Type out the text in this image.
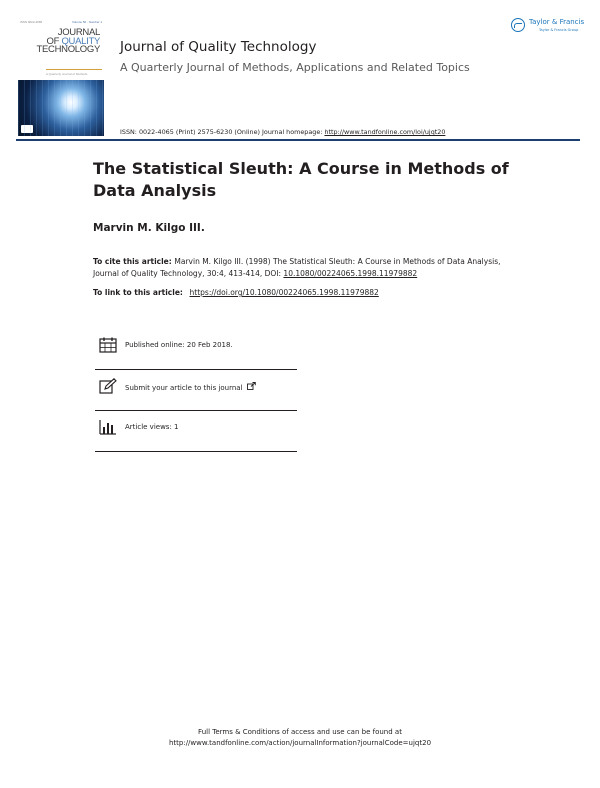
ISSN 0022-4065	Volume 50 · Number 1
JOURNAL
OF QUALITY
TECHNOLOGY
A Quarterly Journal of Methods
Journal of Quality Technology
A Quarterly Journal of Methods, Applications and Related Topics
ISSN: 0022-4065 (Print) 2575-6230 (Online) Journal homepage: http://www.tandfonline.com/loi/ujqt20
Taylor & Francis
Taylor & Francis Group
The Statistical Sleuth: A Course in Methods of Data Analysis
Marvin M. Kilgo III.
To cite this article: Marvin M. Kilgo III. (1998) The Statistical Sleuth: A Course in Methods of Data Analysis, Journal of Quality Technology, 30:4, 413-414, DOI: 10.1080/00224065.1998.11979882
To link to this article: https://doi.org/10.1080/00224065.1998.11979882
Published online: 20 Feb 2018.
Submit your article to this journal
Article views: 1
Full Terms & Conditions of access and use can be found at
http://www.tandfonline.com/action/journalInformation?journalCode=ujqt20
